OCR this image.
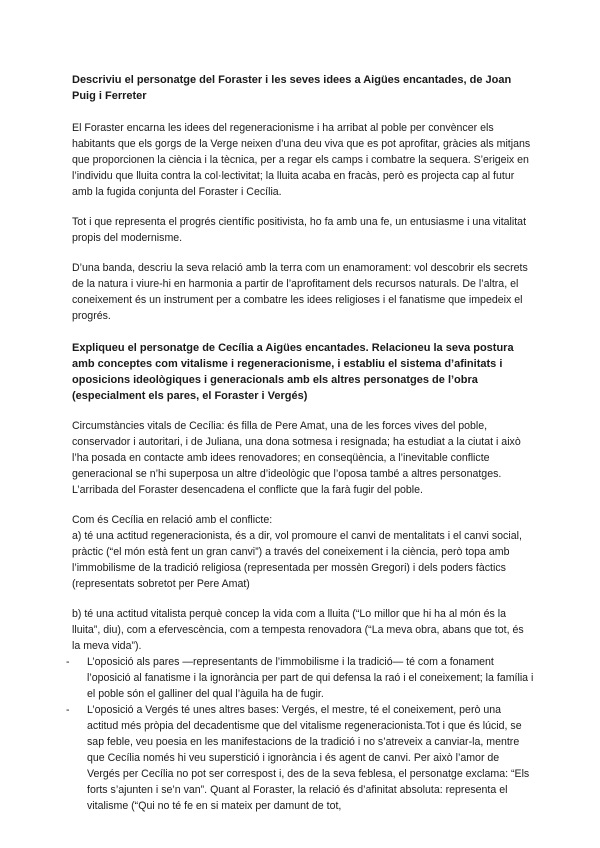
Descriviu el personatge del Foraster i les seves idees a Aigües encantades, de Joan Puig i Ferreter

El Foraster encarna les idees del regeneracionisme i ha arribat al poble per convèncer els habitants que els gorgs de la Verge neixen d’una deu viva que es pot aprofitar, gràcies als mitjans que proporcionen la ciència i la tècnica, per a regar els camps i combatre la sequera. S’erigeix en l’individu que lluita contra la col·lectivitat; la lluita acaba en fracàs, però es projecta cap al futur amb la fugida conjunta del Foraster i Cecília.

Tot i que representa el progrés científic positivista, ho fa amb una fe, un entusiasme i una vitalitat propis del modernisme.

D’una banda, descriu la seva relació amb la terra com un enamorament: vol descobrir els secrets de la natura i viure-hi en harmonia a partir de l’aprofitament dels recursos naturals. De l’altra, el coneixement és un instrument per a combatre les idees religioses i el fanatisme que impedeix el progrés.

Expliqueu el personatge de Cecília a Aigües encantades. Relacioneu la seva postura amb conceptes com vitalisme i regeneracionisme, i establiu el sistema d’afinitats i oposicions ideològiques i generacionals amb els altres personatges de l’obra (especialment els pares, el Foraster i Vergés)

Circumstàncies vitals de Cecília: és filla de Pere Amat, una de les forces vives del poble, conservador i autoritari, i de Juliana, una dona sotmesa i resignada; ha estudiat a la ciutat i això l’ha posada en contacte amb idees renovadores; en conseqüència, a l’inevitable conflicte generacional se n’hi superposa un altre d’ideològic que l’oposa també a altres personatges. L’arribada del Foraster desencadena el conflicte que la farà fugir del poble.

Com és Cecília en relació amb el conflicte:

a) té una actitud regeneracionista, és a dir, vol promoure el canvi de mentalitats i el canvi social, pràctic (“el món està fent un gran canvi”) a través del coneixement i la ciència, però topa amb l’immobilisme de la tradició religiosa (representada per mossèn Gregori) i dels poders fàctics (representats sobretot per Pere Amat)

b) té una actitud vitalista perquè concep la vida com a lluita (“Lo millor que hi ha al món és la lluita”, diu), com a efervescència, com a tempesta renovadora (“La meva obra, abans que tot, és la meva vida”).

- L’oposició als pares —representants de l’immobilisme i la tradició— té com a fonament l’oposició al fanatisme i la ignorància per part de qui defensa la raó i el coneixement; la família i el poble són el galliner del qual l’àguila ha de fugir.
- L’oposició a Vergés té unes altres bases: Vergés, el mestre, té el coneixement, però una actitud més pròpia del decadentisme que del vitalisme regeneracionista.Tot i que és lúcid, se sap feble, veu poesia en les manifestacions de la tradició i no s’atreveix a canviar-la, mentre que Cecília només hi veu superstició i ignorància i és agent de canvi. Per això l’amor de Vergés per Cecília no pot ser correspost i, des de la seva feblesa, el personatge exclama: “Els forts s’ajunten i se’n van”. Quant al Foraster, la relació és d’afinitat absoluta: representa el vitalisme (“Qui no té fe en si mateix per damunt de tot,
